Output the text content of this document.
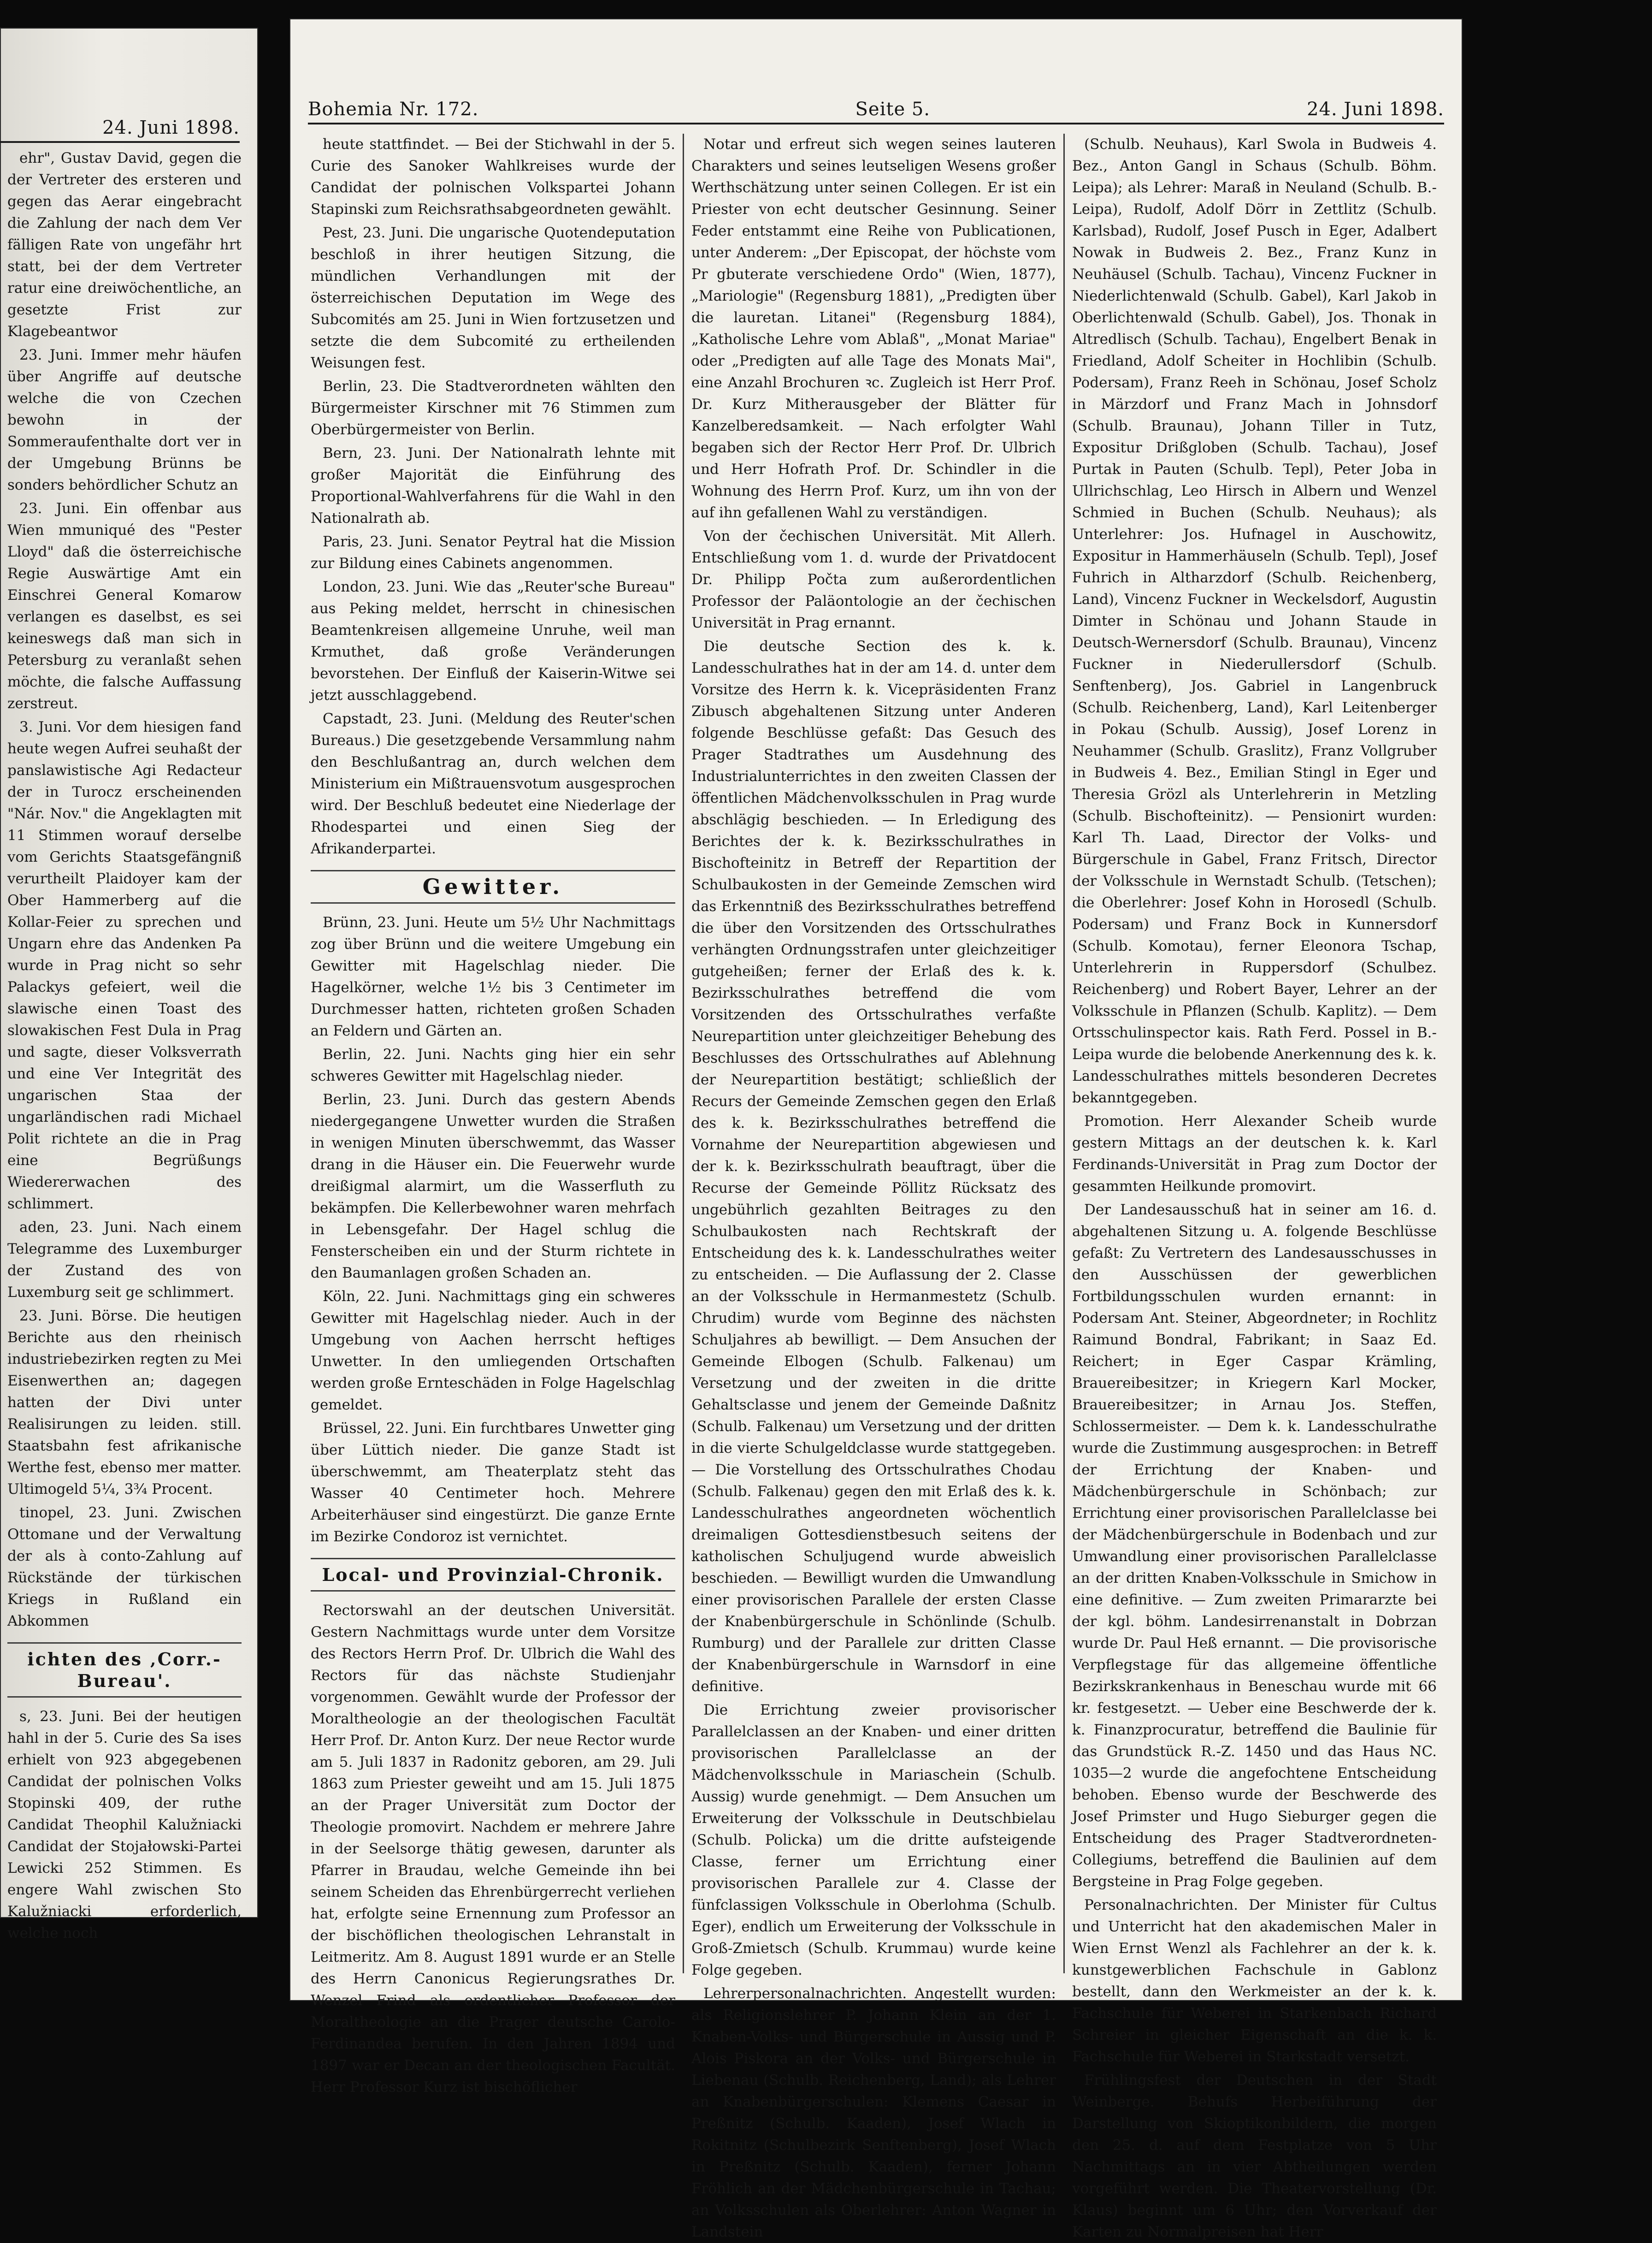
24. Juni 1898.

ehr", Gustav David, gegen die der Vertreter des ersteren und gegen das Aerar eingebracht die Zahlung der nach dem Ver fälligen Rate von ungefähr hrt statt, bei der dem Vertreter ratur eine dreiwöchentliche, an gesetzte Frist zur Klagebeantwor

23. Juni. Immer mehr häufen über Angriffe auf deutsche welche die von Czechen bewohn in der Sommeraufenthalte dort ver in der Umgebung Brünns be sonders behördlicher Schutz an

23. Juni. Ein offenbar aus Wien mmuniqué des "Pester Lloyd" daß die österreichische Regie Auswärtige Amt ein Einschrei General Komarow verlangen es daselbst, es sei keineswegs daß man sich in Petersburg zu veranlaßt sehen möchte, die falsche Auffassung zerstreut.

3. Juni. Vor dem hiesigen fand heute wegen Aufrei seuhaßt der panslawistische Agi Redacteur der in Turocz erscheinenden "Nár. Nov." die Angeklagten mit 11 Stimmen worauf derselbe vom Gerichts Staatsgefängniß verurtheilt Plaidoyer kam der Ober Hammerberg auf die Kollar-Feier zu sprechen und Ungarn ehre das Andenken Pa wurde in Prag nicht so sehr Palackys gefeiert, weil die slawische einen Toast des slowakischen Fest Dula in Prag und sagte, dieser Volksverrath und eine Ver Integrität des ungarischen Staa der ungarländischen radi Michael Polit richtete an die in Prag eine Begrüßungs Wiedererwachen des schlimmert.

aden, 23. Juni. Nach einem Telegramme des Luxemburger der Zustand des von Luxemburg seit ge schlimmert.

23. Juni. Börse. Die heutigen Berichte aus den rheinisch industriebezirken regten zu Mei Eisenwerthen an; dagegen hatten der Divi unter Realisirungen zu leiden. still. Staatsbahn fest afrikanische Werthe fest, ebenso mer matter. Ultimogeld 5¼, 3¾ Procent.

tinopel, 23. Juni. Zwischen Ottomane und der Verwaltung der als à conto-Zahlung auf Rückstände der türkischen Kriegs in Rußland ein Abkommen

ichten des ‚Corr.-Bureau'.

s, 23. Juni. Bei der heutigen hahl in der 5. Curie des Sa ises erhielt von 923 abgegebenen Candidat der polnischen Volks Stopinski 409, der ruthe Candidat Theophil Kalužniacki Candidat der Stojałowski-Partei Lewicki 252 Stimmen. Es engere Wahl zwischen Sto Kalužniacki erforderlich, welche noch

Bohemia Nr. 172.	Seite 5.	24. Juni 1898.

heute stattfindet. — Bei der Stichwahl in der 5. Curie des Sanoker Wahlkreises wurde der Candidat der polnischen Volkspartei Johann Stapinski zum Reichsrathsabgeordneten gewählt.

Pest, 23. Juni. Die ungarische Quotendeputation beschloß in ihrer heutigen Sitzung, die mündlichen Verhandlungen mit der österreichischen Deputation im Wege des Subcomités am 25. Juni in Wien fortzusetzen und setzte die dem Subcomité zu ertheilenden Weisungen fest.

Berlin, 23. Die Stadtverordneten wählten den Bürgermeister Kirschner mit 76 Stimmen zum Oberbürgermeister von Berlin.

Bern, 23. Juni. Der Nationalrath lehnte mit großer Majorität die Einführung des Proportional-Wahlverfahrens für die Wahl in den Nationalrath ab.

Paris, 23. Juni. Senator Peytral hat die Mission zur Bildung eines Cabinets angenommen.

London, 23. Juni. Wie das „Reuter'sche Bureau" aus Peking meldet, herrscht in chinesischen Beamtenkreisen allgemeine Unruhe, weil man Krmuthet, daß große Veränderungen bevorstehen. Der Einfluß der Kaiserin-Witwe sei jetzt ausschlaggebend.

Capstadt, 23. Juni. (Meldung des Reuter'schen Bureaus.) Die gesetzgebende Versammlung nahm den Beschlußantrag an, durch welchen dem Ministerium ein Mißtrauensvotum ausgesprochen wird. Der Beschluß bedeutet eine Niederlage der Rhodespartei und einen Sieg der Afrikanderpartei.

Gewitter.

Brünn, 23. Juni. Heute um 5½ Uhr Nachmittags zog über Brünn und die weitere Umgebung ein Gewitter mit Hagelschlag nieder. Die Hagelkörner, welche 1½ bis 3 Centimeter im Durchmesser hatten, richteten großen Schaden an Feldern und Gärten an.

Berlin, 22. Juni. Nachts ging hier ein sehr schweres Gewitter mit Hagelschlag nieder.

Berlin, 23. Juni. Durch das gestern Abends niedergegangene Unwetter wurden die Straßen in wenigen Minuten überschwemmt, das Wasser drang in die Häuser ein. Die Feuerwehr wurde dreißigmal alarmirt, um die Wasserfluth zu bekämpfen. Die Kellerbewohner waren mehrfach in Lebensgefahr. Der Hagel schlug die Fensterscheiben ein und der Sturm richtete in den Baumanlagen großen Schaden an.

Köln, 22. Juni. Nachmittags ging ein schweres Gewitter mit Hagelschlag nieder. Auch in der Umgebung von Aachen herrscht heftiges Unwetter. In den umliegenden Ortschaften werden große Ernteschäden in Folge Hagelschlag gemeldet.

Brüssel, 22. Juni. Ein furchtbares Unwetter ging über Lüttich nieder. Die ganze Stadt ist überschwemmt, am Theaterplatz steht das Wasser 40 Centimeter hoch. Mehrere Arbeiterhäuser sind eingestürzt. Die ganze Ernte im Bezirke Condoroz ist vernichtet.

Local- und Provinzial-Chronik.

Rectorswahl an der deutschen Universität. Gestern Nachmittags wurde unter dem Vorsitze des Rectors Herrn Prof. Dr. Ulbrich die Wahl des Rectors für das nächste Studienjahr vorgenommen. Gewählt wurde der Professor der Moraltheologie an der theologischen Facultät Herr Prof. Dr. Anton Kurz. Der neue Rector wurde am 5. Juli 1837 in Radonitz geboren, am 29. Juli 1863 zum Priester geweiht und am 15. Juli 1875 an der Prager Universität zum Doctor der Theologie promovirt. Nachdem er mehrere Jahre in der Seelsorge thätig gewesen, darunter als Pfarrer in Braudau, welche Gemeinde ihn bei seinem Scheiden das Ehrenbürgerrecht verliehen hat, erfolgte seine Ernennung zum Professor an der bischöflichen theologischen Lehranstalt in Leitmeritz. Am 8. August 1891 wurde er an Stelle des Herrn Canonicus Regierungsrathes Dr. Wenzel Frind als ordentlicher Professor der Moraltheologie an die Prager deutsche Carolo-Ferdinandea berufen. In den Jahren 1894 und 1897 war er Decan an der theologischen Facultät. Herr Professor Kurz ist bischöflicher

Notar und erfreut sich wegen seines lauteren Charakters und seines leutseligen Wesens großer Werthschätzung unter seinen Collegen. Er ist ein Priester von echt deutscher Gesinnung. Seiner Feder entstammt eine Reihe von Publicationen, unter Anderem: „Der Episcopat, der höchste vom Pr gbuterate verschiedene Ordo" (Wien, 1877), „Mariologie" (Regensburg 1881), „Predigten über die lauretan. Litanei" (Regensburg 1884), „Katholische Lehre vom Ablaß", „Monat Mariae" oder „Predigten auf alle Tage des Monats Mai", eine Anzahl Brochuren ꝛc. Zugleich ist Herr Prof. Dr. Kurz Mitherausgeber der Blätter für Kanzelberedsamkeit. — Nach erfolgter Wahl begaben sich der Rector Herr Prof. Dr. Ulbrich und Herr Hofrath Prof. Dr. Schindler in die Wohnung des Herrn Prof. Kurz, um ihn von der auf ihn gefallenen Wahl zu verständigen.

Von der čechischen Universität. Mit Allerh. Entschließung vom 1. d. wurde der Privatdocent Dr. Philipp Počta zum außerordentlichen Professor der Paläontologie an der čechischen Universität in Prag ernannt.

Die deutsche Section des k. k. Landesschulrathes hat in der am 14. d. unter dem Vorsitze des Herrn k. k. Vicepräsidenten Franz Zibusch abgehaltenen Sitzung unter Anderen folgende Beschlüsse gefaßt: Das Gesuch des Prager Stadtrathes um Ausdehnung des Industrialunterrichtes in den zweiten Classen der öffentlichen Mädchenvolksschulen in Prag wurde abschlägig beschieden. — In Erledigung des Berichtes der k. k. Bezirksschulrathes in Bischofteinitz in Betreff der Repartition der Schulbaukosten in der Gemeinde Zemschen wird das Erkenntniß des Bezirksschulrathes betreffend die über den Vorsitzenden des Ortsschulrathes verhängten Ordnungsstrafen unter gleichzeitiger gutgeheißen; ferner der Erlaß des k. k. Bezirksschulrathes betreffend die vom Vorsitzenden des Ortsschulrathes verfaßte Neurepartition unter gleichzeitiger Behebung des Beschlusses des Ortsschulrathes auf Ablehnung der Neurepartition bestätigt; schließlich der Recurs der Gemeinde Zemschen gegen den Erlaß des k. k. Bezirksschulrathes betreffend die Vornahme der Neurepartition abgewiesen und der k. k. Bezirksschulrath beauftragt, über die Recurse der Gemeinde Pöllitz Rücksatz des ungebührlich gezahlten Beitrages zu den Schulbaukosten nach Rechtskraft der Entscheidung des k. k. Landesschulrathes weiter zu entscheiden. — Die Auflassung der 2. Classe an der Volksschule in Hermanmestetz (Schulb. Chrudim) wurde vom Beginne des nächsten Schuljahres ab bewilligt. — Dem Ansuchen der Gemeinde Elbogen (Schulb. Falkenau) um Versetzung und der zweiten in die dritte Gehaltsclasse und jenem der Gemeinde Daßnitz (Schulb. Falkenau) um Versetzung und der dritten in die vierte Schulgeldclasse wurde stattgegeben. — Die Vorstellung des Ortsschulrathes Chodau (Schulb. Falkenau) gegen den mit Erlaß des k. k. Landesschulrathes angeordneten wöchentlich dreimaligen Gottesdienstbesuch seitens der katholischen Schuljugend wurde abweislich beschieden. — Bewilligt wurden die Umwandlung einer provisorischen Parallele der ersten Classe der Knabenbürgerschule in Schönlinde (Schulb. Rumburg) und der Parallele zur dritten Classe der Knabenbürgerschule in Warnsdorf in eine definitive.

Die Errichtung zweier provisorischer Parallelclassen an der Knaben- und einer dritten provisorischen Parallelclasse an der Mädchenvolksschule in Mariaschein (Schulb. Aussig) wurde genehmigt. — Dem Ansuchen um Erweiterung der Volksschule in Deutschbielau (Schulb. Policka) um die dritte aufsteigende Classe, ferner um Errichtung einer provisorischen Parallele zur 4. Classe der fünfclassigen Volksschule in Oberlohma (Schulb. Eger), endlich um Erweiterung der Volksschule in Groß-Zmietsch (Schulb. Krummau) wurde keine Folge gegeben.

Lehrerpersonalnachrichten. Angestellt wurden: als Religionslehrer P. Johann Klein an der 1. Knaben-Volks- und Bürgerschule in Aussig und P. Alois Piskora an der Volks- und Bürgerschule in Liebenau (Schulb. Reichenberg, Land); als Lehrer an Knabenbürgerschulen: Klemens Caesar in Preßnitz (Schulb. Kaaden), Josef Wlach in Rokitnitz (Schulbezirk Senftenberg), Josef Wlach in Preßnitz (Schulb. Kaaden), ferner Johann Fröhlich an der Mädchenbürgerschule in Tachau; an Volksschulen als Oberlehrer: Anton Wagner in Landstein

(Schulb. Neuhaus), Karl Swola in Budweis 4. Bez., Anton Gangl in Schaus (Schulb. Böhm. Leipa); als Lehrer: Maraß in Neuland (Schulb. B.-Leipa), Rudolf, Adolf Dörr in Zettlitz (Schulb. Karlsbad), Rudolf, Josef Pusch in Eger, Adalbert Nowak in Budweis 2. Bez., Franz Kunz in Neuhäusel (Schulb. Tachau), Vincenz Fuckner in Niederlichtenwald (Schulb. Gabel), Karl Jakob in Oberlichtenwald (Schulb. Gabel), Jos. Thonak in Altredlisch (Schulb. Tachau), Engelbert Benak in Friedland, Adolf Scheiter in Hochlibin (Schulb. Podersam), Franz Reeh in Schönau, Josef Scholz in Märzdorf und Franz Mach in Johnsdorf (Schulb. Braunau), Johann Tiller in Tutz, Expositur Drißgloben (Schulb. Tachau), Josef Purtak in Pauten (Schulb. Tepl), Peter Joba in Ullrichschlag, Leo Hirsch in Albern und Wenzel Schmied in Buchen (Schulb. Neuhaus); als Unterlehrer: Jos. Hufnagel in Auschowitz, Expositur in Hammerhäuseln (Schulb. Tepl), Josef Fuhrich in Altharzdorf (Schulb. Reichenberg, Land), Vincenz Fuckner in Weckelsdorf, Augustin Dimter in Schönau und Johann Staude in Deutsch-Wernersdorf (Schulb. Braunau), Vincenz Fuckner in Niederullersdorf (Schulb. Senftenberg), Jos. Gabriel in Langenbruck (Schulb. Reichenberg, Land), Karl Leitenberger in Pokau (Schulb. Aussig), Josef Lorenz in Neuhammer (Schulb. Graslitz), Franz Vollgruber in Budweis 4. Bez., Emilian Stingl in Eger und Theresia Grözl als Unterlehrerin in Metzling (Schulb. Bischofteinitz). — Pensionirt wurden: Karl Th. Laad, Director der Volks- und Bürgerschule in Gabel, Franz Fritsch, Director der Volksschule in Wernstadt Schulb. (Tetschen); die Oberlehrer: Josef Kohn in Horosedl (Schulb. Podersam) und Franz Bock in Kunnersdorf (Schulb. Komotau), ferner Eleonora Tschap, Unterlehrerin in Ruppersdorf (Schulbez. Reichenberg) und Robert Bayer, Lehrer an der Volksschule in Pflanzen (Schulb. Kaplitz). — Dem Ortsschulinspector kais. Rath Ferd. Possel in B.-Leipa wurde die belobende Anerkennung des k. k. Landesschulrathes mittels besonderen Decretes bekanntgegeben.

Promotion. Herr Alexander Scheib wurde gestern Mittags an der deutschen k. k. Karl Ferdinands-Universität in Prag zum Doctor der gesammten Heilkunde promovirt.

Der Landesausschuß hat in seiner am 16. d. abgehaltenen Sitzung u. A. folgende Beschlüsse gefaßt: Zu Vertretern des Landesausschusses in den Ausschüssen der gewerblichen Fortbildungsschulen wurden ernannt: in Podersam Ant. Steiner, Abgeordneter; in Rochlitz Raimund Bondral, Fabrikant; in Saaz Ed. Reichert; in Eger Caspar Krämling, Brauereibesitzer; in Kriegern Karl Mocker, Brauereibesitzer; in Arnau Jos. Steffen, Schlossermeister. — Dem k. k. Landesschulrathe wurde die Zustimmung ausgesprochen: in Betreff der Errichtung der Knaben- und Mädchenbürgerschule in Schönbach; zur Errichtung einer provisorischen Parallelclasse bei der Mädchenbürgerschule in Bodenbach und zur Umwandlung einer provisorischen Parallelclasse an der dritten Knaben-Volksschule in Smichow in eine definitive. — Zum zweiten Primararzte bei der kgl. böhm. Landesirrenanstalt in Dobrzan wurde Dr. Paul Heß ernannt. — Die provisorische Verpflegstage für das allgemeine öffentliche Bezirkskrankenhaus in Beneschau wurde mit 66 kr. festgesetzt. — Ueber eine Beschwerde der k. k. Finanzprocuratur, betreffend die Baulinie für das Grundstück R.-Z. 1450 und das Haus NC. 1035—2 wurde die angefochtene Entscheidung behoben. Ebenso wurde der Beschwerde des Josef Primster und Hugo Sieburger gegen die Entscheidung des Prager Stadtverordneten-Collegiums, betreffend die Baulinien auf dem Bergsteine in Prag Folge gegeben.

Personalnachrichten. Der Minister für Cultus und Unterricht hat den akademischen Maler in Wien Ernst Wenzl als Fachlehrer an der k. k. kunstgewerblichen Fachschule in Gablonz bestellt, dann den Werkmeister an der k. k. Fachschule für Weberei in Starkenbach Richard Schreier in gleicher Eigenschaft an die k. k. Fachschule für Weberei in Starkstadt versetzt.

Frühlingsfest der Deutschen in der Stadt Weinberge. Behufs Herbeiführung der Darstellung von Skioptikonbildern, die morgen den 25. d. auf dem Festplatze von 5 Uhr Nachmittags an in vier Abtheilungen werden vorgeführt werden. Die Theatervorstellung (Dr. Klaus) beginnt um 6 Uhr; den Vorverkauf der Karten zu Normalpreisen hat Herr
